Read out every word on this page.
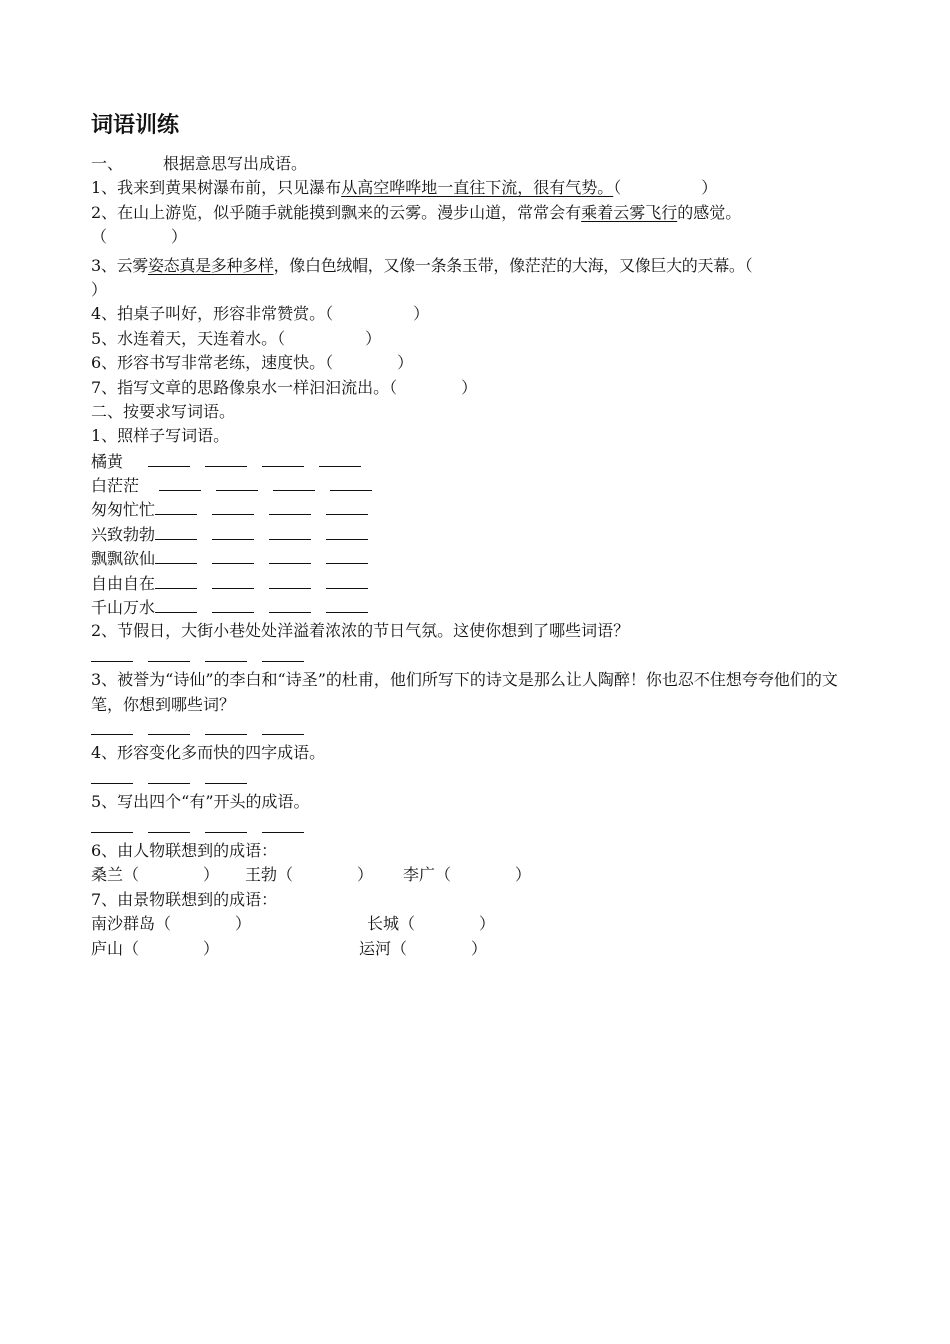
词语训练
一、	根据意思写出成语。
1、我来到黄果树瀑布前，只见瀑布从高空哗哗地一直往下流，很有气势。（　　　　　）
2、在山上游览，似乎随手就能摸到飘来的云雾。漫步山道，常常会有乘着云雾飞行的感觉。
（　　　　）
3、云雾姿态真是多种多样，像白色绒帽，又像一条条玉带，像茫茫的大海，又像巨大的天幕。（
）
4、拍桌子叫好，形容非常赞赏。（　　　　　）
5、水连着天，天连着水。（　　　　　）
6、形容书写非常老练，速度快。（　　　　）
7、指写文章的思路像泉水一样汩汩流出。（　　　　）
二、按要求写词语。
1、照样子写词语。
橘黄
白茫茫
匆匆忙忙
兴致勃勃
飘飘欲仙
自由自在
千山万水
2、节假日，大街小巷处处洋溢着浓浓的节日气氛。这使你想到了哪些词语？
3、被誉为“诗仙”的李白和“诗圣”的杜甫，他们所写下的诗文是那么让人陶醉！你也忍不住想夸夸他们的文笔，你想到哪些词？
4、形容变化多而快的四字成语。
5、写出四个“有”开头的成语。
6、由人物联想到的成语：
桑兰（　　　　） 王勃（　　　　） 李广（　　　　）
7、由景物联想到的成语：
南沙群岛（　　　　）	长城（　　　　）
庐山（　　　　）	运河（　　　　）
